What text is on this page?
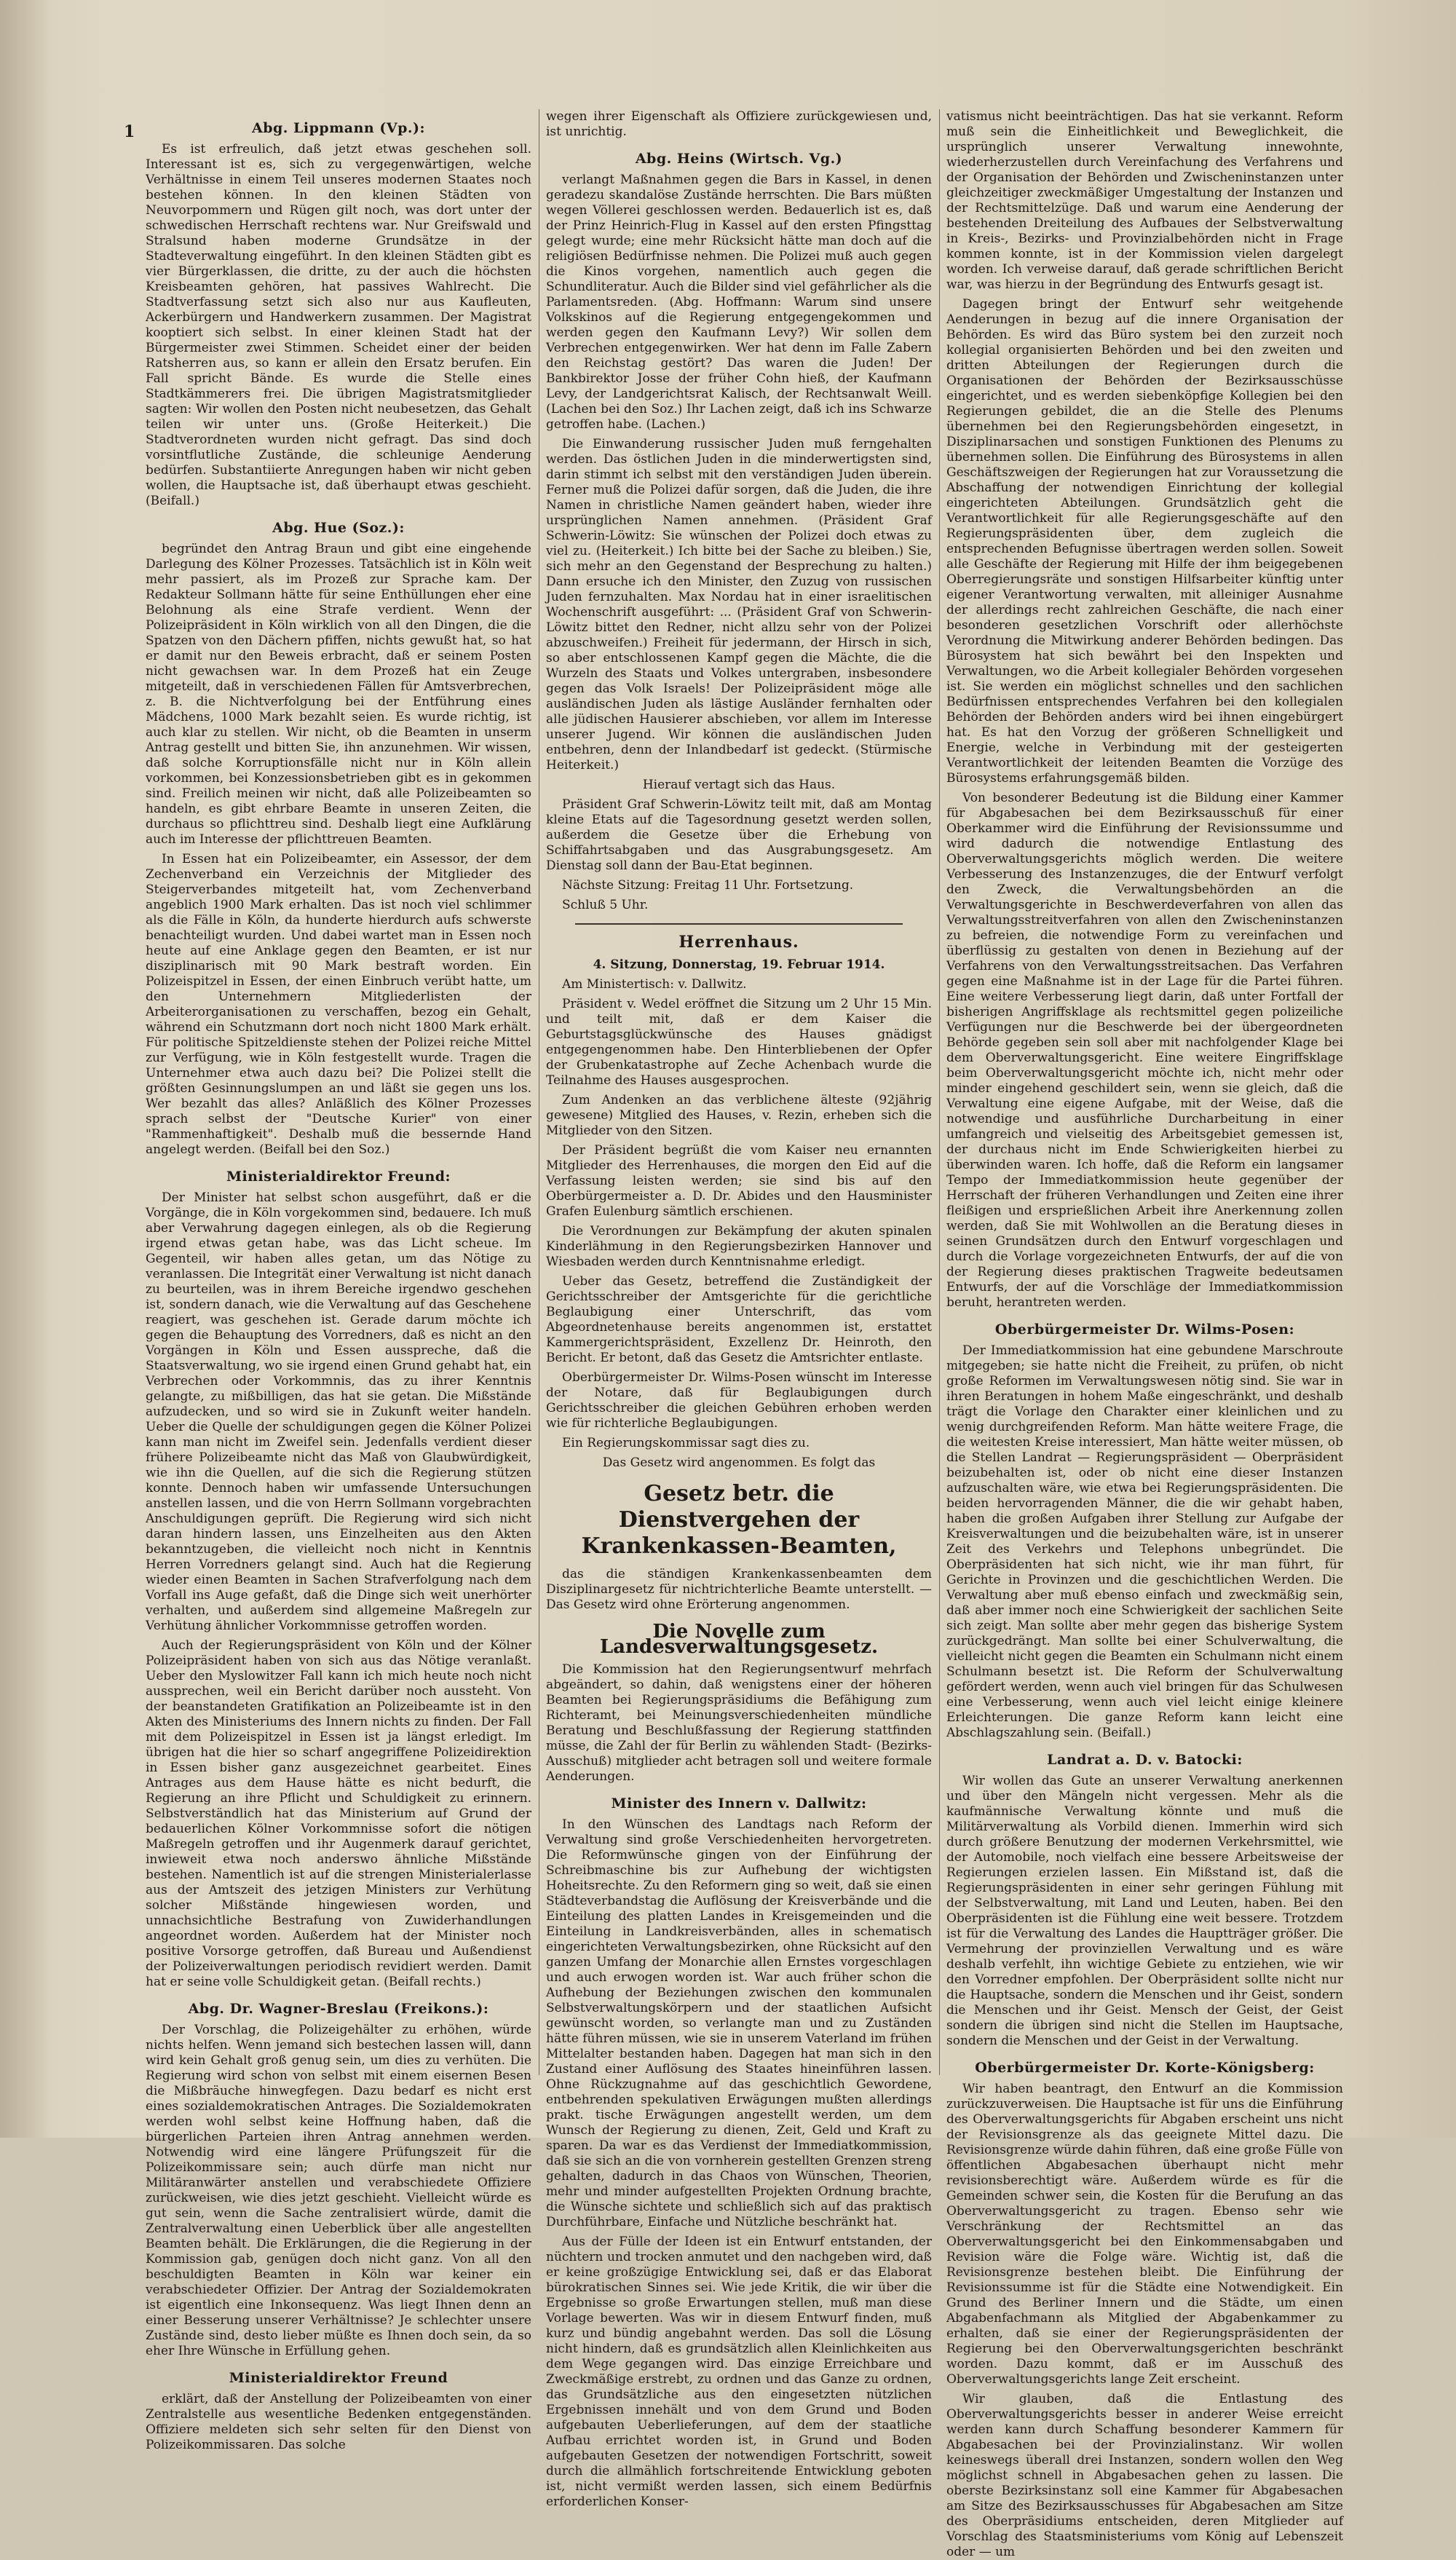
1	Abg. Lippmann (Vp.):

Es ist erfreulich, daß jetzt etwas geschehen soll. Interessant ist es, sich zu vergegenwärtigen, welche Verhältnisse in einem Teil unseres modernen Staates noch bestehen können. In den kleinen Städten von Neuvorpommern und Rügen gilt noch, was dort unter der schwedischen Herrschaft rechtens war. Nur Greifswald und Stralsund haben moderne Grundsätze in der Stadteverwaltung eingeführt. In den kleinen Städten gibt es vier Bürgerklassen, die dritte, zu der auch die höchsten Kreisbeamten gehören, hat passives Wahlrecht. Die Stadtverfassung setzt sich also nur aus Kaufleuten, Ackerbürgern und Handwerkern zusammen. Der Magistrat kooptiert sich selbst. In einer kleinen Stadt hat der Bürgermeister zwei Stimmen. Scheidet einer der beiden Ratsherren aus, so kann er allein den Ersatz berufen. Ein Fall spricht Bände. Es wurde die Stelle eines Stadtkämmerers frei. Die übrigen Magistratsmitglieder sagten: Wir wollen den Posten nicht neubesetzen, das Gehalt teilen wir unter uns. (Große Heiterkeit.) Die Stadtverordneten wurden nicht gefragt. Das sind doch vorsintflutliche Zustände, die schleunige Aenderung bedürfen. Substantiierte Anregungen haben wir nicht geben wollen, die Hauptsache ist, daß überhaupt etwas geschieht. (Beifall.)

Abg. Hue (Soz.):

begründet den Antrag Braun und gibt eine eingehende Darlegung des Kölner Prozesses. Tatsächlich ist in Köln weit mehr passiert, als im Prozeß zur Sprache kam. Der Redakteur Sollmann hätte für seine Enthüllungen eher eine Belohnung als eine Strafe verdient. Wenn der Polizeipräsident in Köln wirklich von all den Dingen, die die Spatzen von den Dächern pfiffen, nichts gewußt hat, so hat er damit nur den Beweis erbracht, daß er seinem Posten nicht gewachsen war. In dem Prozeß hat ein Zeuge mitgeteilt, daß in verschiedenen Fällen für Amtsverbrechen, z. B. die Nichtverfolgung bei der Entführung eines Mädchens, 1000 Mark bezahlt seien. Es wurde richtig, ist auch klar zu stellen. Wir nicht, ob die Beamten in unserm Antrag gestellt und bitten Sie, ihn anzunehmen. Wir wissen, daß solche Korruptionsfälle nicht nur in Köln allein vorkommen, bei Konzessionsbetrieben gibt es in gekommen sind. Freilich meinen wir nicht, daß alle Polizeibeamten so handeln, es gibt ehrbare Beamte in unseren Zeiten, die durchaus so pflichttreu sind. Deshalb liegt eine Aufklärung auch im Interesse der pflichttreuen Beamten.

In Essen hat ein Polizeibeamter, ein Assessor, der dem Zechenverband ein Verzeichnis der Mitglieder des Steigerverbandes mitgeteilt hat, vom Zechenverband angeblich 1900 Mark erhalten. Das ist noch viel schlimmer als die Fälle in Köln, da hunderte hierdurch aufs schwerste benachteiligt wurden. Und dabei wartet man in Essen noch heute auf eine Anklage gegen den Beamten, er ist nur disziplinarisch mit 90 Mark bestraft worden. Ein Polizeispitzel in Essen, der einen Einbruch verübt hatte, um den Unternehmern Mitgliederlisten der Arbeiterorganisationen zu verschaffen, bezog ein Gehalt, während ein Schutzmann dort noch nicht 1800 Mark erhält. Für politische Spitzeldienste stehen der Polizei reiche Mittel zur Verfügung, wie in Köln festgestellt wurde. Tragen die Unternehmer etwa auch dazu bei? Die Polizei stellt die größten Gesinnungslumpen an und läßt sie gegen uns los. Wer bezahlt das alles? Anläßlich des Kölner Prozesses sprach selbst der "Deutsche Kurier" von einer "Rammenhaftigkeit". Deshalb muß die bessernde Hand angelegt werden. (Beifall bei den Soz.)

Ministerialdirektor Freund:

Der Minister hat selbst schon ausgeführt, daß er die Vorgänge, die in Köln vorgekommen sind, bedauere. Ich muß aber Verwahrung dagegen einlegen, als ob die Regierung irgend etwas getan habe, was das Licht scheue. Im Gegenteil, wir haben alles getan, um das Nötige zu veranlassen. Die Integrität einer Verwaltung ist nicht danach zu beurteilen, was in ihrem Bereiche irgendwo geschehen ist, sondern danach, wie die Verwaltung auf das Geschehene reagiert, was geschehen ist. Gerade darum möchte ich gegen die Behauptung des Vorredners, daß es nicht an den Vorgängen in Köln und Essen ausspreche, daß die Staatsverwaltung, wo sie irgend einen Grund gehabt hat, ein Verbrechen oder Vorkommnis, das zu ihrer Kenntnis gelangte, zu mißbilligen, das hat sie getan. Die Mißstände aufzudecken, und so wird sie in Zukunft weiter handeln. Ueber die Quelle der schuldigungen gegen die Kölner Polizei kann man nicht im Zweifel sein. Jedenfalls verdient dieser frühere Polizeibeamte nicht das Maß von Glaubwürdigkeit, wie ihn die Quellen, auf die sich die Regierung stützen konnte. Dennoch haben wir umfassende Untersuchungen anstellen lassen, und die von Herrn Sollmann vorgebrachten Anschuldigungen geprüft. Die Regierung wird sich nicht daran hindern lassen, uns Einzelheiten aus den Akten bekanntzugeben, die vielleicht noch nicht in Kenntnis Herren Vorredners gelangt sind. Auch hat die Regierung wieder einen Beamten in Sachen Strafverfolgung nach dem Vorfall ins Auge gefaßt, daß die Dinge sich weit unerhörter verhalten, und außerdem sind allgemeine Maßregeln zur Verhütung ähnlicher Vorkommnisse getroffen worden.

Auch der Regierungspräsident von Köln und der Kölner Polizeipräsident haben von sich aus das Nötige veranlaßt. Ueber den Myslowitzer Fall kann ich mich heute noch nicht aussprechen, weil ein Bericht darüber noch aussteht. Von der beanstandeten Gratifikation an Polizeibeamte ist in den Akten des Ministeriums des Innern nichts zu finden. Der Fall mit dem Polizeispitzel in Essen ist ja längst erledigt. Im übrigen hat die hier so scharf angegriffene Polizeidirektion in Essen bisher ganz ausgezeichnet gearbeitet. Eines Antrages aus dem Hause hätte es nicht bedurft, die Regierung an ihre Pflicht und Schuldigkeit zu erinnern. Selbstverständlich hat das Ministerium auf Grund der bedauerlichen Kölner Vorkommnisse sofort die nötigen Maßregeln getroffen und ihr Augenmerk darauf gerichtet, inwieweit etwa noch anderswo ähnliche Mißstände bestehen. Namentlich ist auf die strengen Ministerialerlasse aus der Amtszeit des jetzigen Ministers zur Verhütung solcher Mißstände hingewiesen worden, und unnachsichtliche Bestrafung von Zuwiderhandlungen angeordnet worden. Außerdem hat der Minister noch positive Vorsorge getroffen, daß Bureau und Außendienst der Polizeiverwaltungen periodisch revidiert werden. Damit hat er seine volle Schuldigkeit getan. (Beifall rechts.)

Abg. Dr. Wagner-Breslau (Freikons.):

Der Vorschlag, die Polizeigehälter zu erhöhen, würde nichts helfen. Wenn jemand sich bestechen lassen will, dann wird kein Gehalt groß genug sein, um dies zu verhüten. Die Regierung wird schon von selbst mit einem eisernen Besen die Mißbräuche hinwegfegen. Dazu bedarf es nicht erst eines sozialdemokratischen Antrages. Die Sozialdemokraten werden wohl selbst keine Hoffnung haben, daß die bürgerlichen Parteien ihren Antrag annehmen werden. Notwendig wird eine längere Prüfungszeit für die Polizeikommissare sein; auch dürfe man nicht nur Militäranwärter anstellen und verabschiedete Offiziere zurückweisen, wie dies jetzt geschieht. Vielleicht würde es gut sein, wenn die Sache zentralisiert würde, damit die Zentralverwaltung einen Ueberblick über alle angestellten Beamten behält. Die Erklärungen, die die Regierung in der Kommission gab, genügen doch nicht ganz. Von all den beschuldigten Beamten in Köln war keiner ein verabschiedeter Offizier. Der Antrag der Sozialdemokraten ist eigentlich eine Inkonsequenz. Was liegt Ihnen denn an einer Besserung unserer Verhältnisse? Je schlechter unsere Zustände sind, desto lieber müßte es Ihnen doch sein, da so eher Ihre Wünsche in Erfüllung gehen.

Ministerialdirektor Freund

erklärt, daß der Anstellung der Polizeibeamten von einer Zentralstelle aus wesentliche Bedenken entgegenständen. Offiziere meldeten sich sehr selten für den Dienst von Polizeikommissaren. Das solche

wegen ihrer Eigenschaft als Offiziere zurückgewiesen und, ist unrichtig.

Abg. Heins (Wirtsch. Vg.)

verlangt Maßnahmen gegen die Bars in Kassel, in denen geradezu skandalöse Zustände herrschten. Die Bars müßten wegen Völlerei geschlossen werden. Bedauerlich ist es, daß der Prinz Heinrich-Flug in Kassel auf den ersten Pfingsttag gelegt wurde; eine mehr Rücksicht hätte man doch auf die religiösen Bedürfnisse nehmen. Die Polizei muß auch gegen die Kinos vorgehen, namentlich auch gegen die Schundliteratur. Auch die Bilder sind viel gefährlicher als die Parlamentsreden. (Abg. Hoffmann: Warum sind unsere Volkskinos auf die Regierung entgegengekommen und werden gegen den Kaufmann Levy?) Wir sollen dem Verbrechen entgegenwirken. Wer hat denn im Falle Zabern den Reichstag gestört? Das waren die Juden! Der Bankbirektor Josse der früher Cohn hieß, der Kaufmann Levy, der Landgerichtsrat Kalisch, der Rechtsanwalt Weill. (Lachen bei den Soz.) Ihr Lachen zeigt, daß ich ins Schwarze getroffen habe. (Lachen.)

Die Einwanderung russischer Juden muß ferngehalten werden. Das östlichen Juden in die minderwertigsten sind, darin stimmt ich selbst mit den verständigen Juden überein. Ferner muß die Polizei dafür sorgen, daß die Juden, die ihre Namen in christliche Namen geändert haben, wieder ihre ursprünglichen Namen annehmen. (Präsident Graf Schwerin-Löwitz: Sie wünschen der Polizei doch etwas zu viel zu. (Heiterkeit.) Ich bitte bei der Sache zu bleiben.) Sie, sich mehr an den Gegenstand der Besprechung zu halten.) Dann ersuche ich den Minister, den Zuzug von russischen Juden fernzuhalten. Max Nordau hat in einer israelitischen Wochenschrift ausgeführt: ... (Präsident Graf von Schwerin-Löwitz bittet den Redner, nicht allzu sehr von der Polizei abzuschweifen.) Freiheit für jedermann, der Hirsch in sich, so aber entschlossenen Kampf gegen die Mächte, die die Wurzeln des Staats und Volkes untergraben, insbesondere gegen das Volk Israels! Der Polizeipräsident möge alle ausländischen Juden als lästige Ausländer fernhalten oder alle jüdischen Hausierer abschieben, vor allem im Interesse unserer Jugend. Wir können die ausländischen Juden entbehren, denn der Inlandbedarf ist gedeckt. (Stürmische Heiterkeit.)

Hierauf vertagt sich das Haus.

Präsident Graf Schwerin-Löwitz teilt mit, daß am Montag kleine Etats auf die Tagesordnung gesetzt werden sollen, außerdem die Gesetze über die Erhebung von Schiffahrtsabgaben und das Ausgrabungsgesetz. Am Dienstag soll dann der Bau-Etat beginnen.

Nächste Sitzung: Freitag 11 Uhr. Fortsetzung.
Schluß 5 Uhr.
Herrenhaus.
4. Sitzung, Donnerstag, 19. Februar 1914.
Am Ministertisch: v. Dallwitz.

Präsident v. Wedel eröffnet die Sitzung um 2 Uhr 15 Min. und teilt mit, daß er dem Kaiser die Geburtstagsglückwünsche des Hauses gnädigst entgegengenommen habe. Den Hinterbliebenen der Opfer der Grubenkatastrophe auf Zeche Achenbach wurde die Teilnahme des Hauses ausgesprochen.

Zum Andenken an das verblichene älteste (92jährig gewesene) Mitglied des Hauses, v. Rezin, erheben sich die Mitglieder von den Sitzen.

Der Präsident begrüßt die vom Kaiser neu ernannten Mitglieder des Herrenhauses, die morgen den Eid auf die Verfassung leisten werden; sie sind bis auf den Oberbürgermeister a. D. Dr. Abides und den Hausminister Grafen Eulenburg sämtlich erschienen.

Die Verordnungen zur Bekämpfung der akuten spinalen Kinderlähmung in den Regierungsbezirken Hannover und Wiesbaden werden durch Kenntnisnahme erledigt.

Ueber das Gesetz, betreffend die Zuständigkeit der Gerichtsschreiber der Amtsgerichte für die gerichtliche Beglaubigung einer Unterschrift, das vom Abgeordnetenhause bereits angenommen ist, erstattet Kammergerichtspräsident, Exzellenz Dr. Heinroth, den Bericht. Er betont, daß das Gesetz die Amtsrichter entlaste.

Oberbürgermeister Dr. Wilms-Posen wünscht im Interesse der Notare, daß für Beglaubigungen durch Gerichtsschreiber die gleichen Gebühren erhoben werden wie für richterliche Beglaubigungen.

Ein Regierungskommissar sagt dies zu.

Das Gesetz wird angenommen. Es folgt das
Gesetz betr. die Dienstvergehen der Krankenkassen-Beamten,

das die ständigen Krankenkassenbeamten dem Disziplinargesetz für nichtrichterliche Beamte unterstellt. — Das Gesetz wird ohne Erörterung angenommen.

Die Novelle zum Landesverwaltungsgesetz.

Die Kommission hat den Regierungsentwurf mehrfach abgeändert, so dahin, daß wenigstens einer der höheren Beamten bei Regierungspräsidiums die Befähigung zum Richteramt, bei Meinungsverschiedenheiten mündliche Beratung und Beschlußfassung der Regierung stattfinden müsse, die Zahl der für Berlin zu wählenden Stadt- (Bezirks-Ausschuß) mitglieder acht betragen soll und weitere formale Aenderungen.

Minister des Innern v. Dallwitz:

In den Wünschen des Landtags nach Reform der Verwaltung sind große Verschiedenheiten hervorgetreten. Die Reformwünsche gingen von der Einführung der Schreibmaschine bis zur Aufhebung der wichtigsten Hoheitsrechte. Zu den Reformern ging so weit, daß sie einen Städteverbandstag die Auflösung der Kreisverbände und die Einteilung des platten Landes in Kreisgemeinden und die Einteilung in Landkreisverbänden, alles in schematisch eingerichteten Verwaltungsbezirken, ohne Rücksicht auf den ganzen Umfang der Monarchie allen Ernstes vorgeschlagen und auch erwogen worden ist. War auch früher schon die Aufhebung der Beziehungen zwischen den kommunalen Selbstverwaltungskörpern und der staatlichen Aufsicht gewünscht worden, so verlangte man und zu Zuständen hätte führen müssen, wie sie in unserem Vaterland im frühen Mittelalter bestanden haben. Dagegen hat man sich in den Zustand einer Auflösung des Staates hineinführen lassen. Ohne Rückzugnahme auf das geschichtlich Gewordene, entbehrenden spekulativen Erwägungen mußten allerdings prakt. tische Erwägungen angestellt werden, um dem Wunsch der Regierung zu dienen, Zeit, Geld und Kraft zu sparen. Da war es das Verdienst der Immediatkommission, daß sie sich an die von vornherein gestellten Grenzen streng gehalten, dadurch in das Chaos von Wünschen, Theorien, mehr und minder aufgestellten Projekten Ordnung brachte, die Wünsche sichtete und schließlich sich auf das praktisch Durchführbare, Einfache und Nützliche beschränkt hat.

Aus der Fülle der Ideen ist ein Entwurf entstanden, der nüchtern und trocken anmutet und den nachgeben wird, daß er keine großzügige Entwicklung sei, daß er das Elaborat bürokratischen Sinnes sei. Wie jede Kritik, die wir über die Ergebnisse so große Erwartungen stellen, muß man diese Vorlage bewerten. Was wir in diesem Entwurf finden, muß kurz und bündig angebahnt werden. Das soll die Lösung nicht hindern, daß es grundsätzlich allen Kleinlichkeiten aus dem Wege gegangen wird. Das einzige Erreichbare und Zweckmäßige erstrebt, zu ordnen und das Ganze zu ordnen, das Grundsätzliche aus den eingesetzten nützlichen Ergebnissen innehält und von dem Grund und Boden aufgebauten Ueberlieferungen, auf dem der staatliche Aufbau errichtet worden ist, in Grund und Boden aufgebauten Gesetzen der notwendigen Fortschritt, soweit durch die allmählich fortschreitende Entwicklung geboten ist, nicht vermißt werden lassen, sich einem Bedürfnis erforderlichen Konser-

vatismus nicht beeinträchtigen. Das hat sie verkannt. Reform muß sein die Einheitlichkeit und Beweglichkeit, die ursprünglich unserer Verwaltung innewohnte, wiederherzustellen durch Vereinfachung des Verfahrens und der Organisation der Behörden und Zwischeninstanzen unter gleichzeitiger zweckmäßiger Umgestaltung der Instanzen und der Rechtsmittelzüge. Daß und warum eine Aenderung der bestehenden Dreiteilung des Aufbaues der Selbstverwaltung in Kreis-, Bezirks- und Provinzialbehörden nicht in Frage kommen konnte, ist in der Kommission vielen dargelegt worden. Ich verweise darauf, daß gerade schriftlichen Bericht war, was hierzu in der Begründung des Entwurfs gesagt ist.

Dagegen bringt der Entwurf sehr weitgehende Aenderungen in bezug auf die innere Organisation der Behörden. Es wird das Büro system bei den zurzeit noch kollegial organisierten Behörden und bei den zweiten und dritten Abteilungen der Regierungen durch die Organisationen der Behörden der Bezirksausschüsse eingerichtet, und es werden siebenköpfige Kollegien bei den Regierungen gebildet, die an die Stelle des Plenums übernehmen bei den Regierungsbehörden eingesetzt, in Disziplinarsachen und sonstigen Funktionen des Plenums zu übernehmen sollen. Die Einführung des Bürosystems in allen Geschäftszweigen der Regierungen hat zur Voraussetzung die Abschaffung der notwendigen Einrichtung der kollegial eingerichteten Abteilungen. Grundsätzlich geht die Verantwortlichkeit für alle Regierungsgeschäfte auf den Regierungspräsidenten über, dem zugleich die entsprechenden Befugnisse übertragen werden sollen. Soweit alle Geschäfte der Regierung mit Hilfe der ihm beigegebenen Oberregierungsräte und sonstigen Hilfsarbeiter künftig unter eigener Verantwortung verwalten, mit alleiniger Ausnahme der allerdings recht zahlreichen Geschäfte, die nach einer besonderen gesetzlichen Vorschrift oder allerhöchste Verordnung die Mitwirkung anderer Behörden bedingen. Das Bürosystem hat sich bewährt bei den Inspekten und Verwaltungen, wo die Arbeit kollegialer Behörden vorgesehen ist. Sie werden ein möglichst schnelles und den sachlichen Bedürfnissen entsprechendes Verfahren bei den kollegialen Behörden der Behörden anders wird bei ihnen eingebürgert hat. Es hat den Vorzug der größeren Schnelligkeit und Energie, welche in Verbindung mit der gesteigerten Verantwortlichkeit der leitenden Beamten die Vorzüge des Bürosystems erfahrungsgemäß bilden.

Von besonderer Bedeutung ist die Bildung einer Kammer für Abgabesachen bei dem Bezirksausschuß für einer Oberkammer wird die Einführung der Revisionssumme und wird dadurch die notwendige Entlastung des Oberverwaltungsgerichts möglich werden. Die weitere Verbesserung des Instanzenzuges, die der Entwurf verfolgt den Zweck, die Verwaltungsbehörden an die Verwaltungsgerichte in Beschwerdeverfahren von allen das Verwaltungsstreitverfahren von allen den Zwischeninstanzen zu befreien, die notwendige Form zu vereinfachen und überflüssig zu gestalten von denen in Beziehung auf der Verfahrens von den Verwaltungsstreitsachen. Das Verfahren gegen eine Maßnahme ist in der Lage für die Partei führen. Eine weitere Verbesserung liegt darin, daß unter Fortfall der bisherigen Angriffsklage als rechtsmittel gegen polizeiliche Verfügungen nur die Beschwerde bei der übergeordneten Behörde gegeben sein soll aber mit nachfolgender Klage bei dem Oberverwaltungsgericht. Eine weitere Eingriffsklage beim Oberverwaltungsgericht möchte ich, nicht mehr oder minder eingehend geschildert sein, wenn sie gleich, daß die Verwaltung eine eigene Aufgabe, mit der Weise, daß die notwendige und ausführliche Durcharbeitung in einer umfangreich und vielseitig des Arbeitsgebiet gemessen ist, der durchaus nicht im Ende Schwierigkeiten hierbei zu überwinden waren. Ich hoffe, daß die Reform ein langsamer Tempo der Immediatkommission heute gegenüber der Herrschaft der früheren Verhandlungen und Zeiten eine ihrer fleißigen und ersprießlichen Arbeit ihre Anerkennung zollen werden, daß Sie mit Wohlwollen an die Beratung dieses in seinen Grundsätzen durch den Entwurf vorgeschlagen und durch die Vorlage vorgezeichneten Entwurfs, der auf die von der Regierung dieses praktischen Tragweite bedeutsamen Entwurfs, der auf die Vorschläge der Immediatkommission beruht, herantreten werden.

Oberbürgermeister Dr. Wilms-Posen:

Der Immediatkommission hat eine gebundene Marschroute mitgegeben; sie hatte nicht die Freiheit, zu prüfen, ob nicht große Reformen im Verwaltungswesen nötig sind. Sie war in ihren Beratungen in hohem Maße eingeschränkt, und deshalb trägt die Vorlage den Charakter einer kleinlichen und zu wenig durchgreifenden Reform. Man hätte weitere Frage, die die weitesten Kreise interessiert, Man hätte weiter müssen, ob die Stellen Landrat — Regierungspräsident — Oberpräsident beizubehalten ist, oder ob nicht eine dieser Instanzen aufzuschalten wäre, wie etwa bei Regierungspräsidenten. Die beiden hervorragenden Männer, die die wir gehabt haben, haben die großen Aufgaben ihrer Stellung zur Aufgabe der Kreisverwaltungen und die beizubehalten wäre, ist in unserer Zeit des Verkehrs und Telephons unbegründet. Die Oberpräsidenten hat sich nicht, wie ihr man führt, für Gerichte in Provinzen und die geschichtlichen Werden. Die Verwaltung aber muß ebenso einfach und zweckmäßig sein, daß aber immer noch eine Schwierigkeit der sachlichen Seite sich zeigt. Man sollte aber mehr gegen das bisherige System zurückgedrängt. Man sollte bei einer Schulverwaltung, die vielleicht nicht gegen die Beamten ein Schulmann nicht einem Schulmann besetzt ist. Die Reform der Schulverwaltung gefördert werden, wenn auch viel bringen für das Schulwesen eine Verbesserung, wenn auch viel leicht einige kleinere Erleichterungen. Die ganze Reform kann leicht eine Abschlagszahlung sein. (Beifall.)

Landrat a. D. v. Batocki:

Wir wollen das Gute an unserer Verwaltung anerkennen und über den Mängeln nicht vergessen. Mehr als die kaufmännische Verwaltung könnte und muß die Militärverwaltung als Vorbild dienen. Immerhin wird sich durch größere Benutzung der modernen Verkehrsmittel, wie der Automobile, noch vielfach eine bessere Arbeitsweise der Regierungen erzielen lassen. Ein Mißstand ist, daß die Regierungspräsidenten in einer sehr geringen Fühlung mit der Selbstverwaltung, mit Land und Leuten, haben. Bei den Oberpräsidenten ist die Fühlung eine weit bessere. Trotzdem ist für die Verwaltung des Landes die Hauptträger größer. Die Vermehrung der provinziellen Verwaltung und es wäre deshalb verfehlt, ihn wichtige Gebiete zu entziehen, wie wir den Vorredner empfohlen. Der Oberpräsident sollte nicht nur die Hauptsache, sondern die Menschen und ihr Geist, sondern die Menschen und ihr Geist. Mensch der Geist, der Geist sondern die übrigen sind nicht die Stellen im Hauptsache, sondern die Menschen und der Geist in der Verwaltung.

Oberbürgermeister Dr. Korte-Königsberg:

Wir haben beantragt, den Entwurf an die Kommission zurückzuverweisen. Die Hauptsache ist für uns die Einführung des Oberverwaltungsgerichts für Abgaben erscheint uns nicht der Revisionsgrenze als das geeignete Mittel dazu. Die Revisionsgrenze würde dahin führen, daß eine große Fülle von öffentlichen Abgabesachen überhaupt nicht mehr revisionsberechtigt wäre. Außerdem würde es für die Gemeinden schwer sein, die Kosten für die Berufung an das Oberverwaltungsgericht zu tragen. Ebenso sehr wie Verschränkung der Rechtsmittel an das Oberverwaltungsgericht bei den Einkommensabgaben und Revision wäre die Folge wäre. Wichtig ist, daß die Revisionsgrenze bestehen bleibt. Die Einführung der Revisionssumme ist für die Städte eine Notwendigkeit. Ein Grund des Berliner Innern und die Städte, um einen Abgabenfachmann als Mitglied der Abgabenkammer zu erhalten, daß sie einer der Regierungspräsidenten der Regierung bei den Oberverwaltungsgerichten beschränkt worden. Dazu kommt, daß er im Ausschuß des Oberverwaltungsgerichts lange Zeit erscheint.

Wir glauben, daß die Entlastung des Oberverwaltungsgerichts besser in anderer Weise erreicht werden kann durch Schaffung besonderer Kammern für Abgabesachen bei der Provinzialinstanz. Wir wollen keineswegs überall drei Instanzen, sondern wollen den Weg möglichst schnell in Abgabesachen gehen zu lassen. Die oberste Bezirksinstanz soll eine Kammer für Abgabesachen am Sitze des Bezirksausschusses für Abgabesachen am Sitze des Oberpräsidiums entscheiden, deren Mitglieder auf Vorschlag des Staatsministeriums vom König auf Lebenszeit oder — um
